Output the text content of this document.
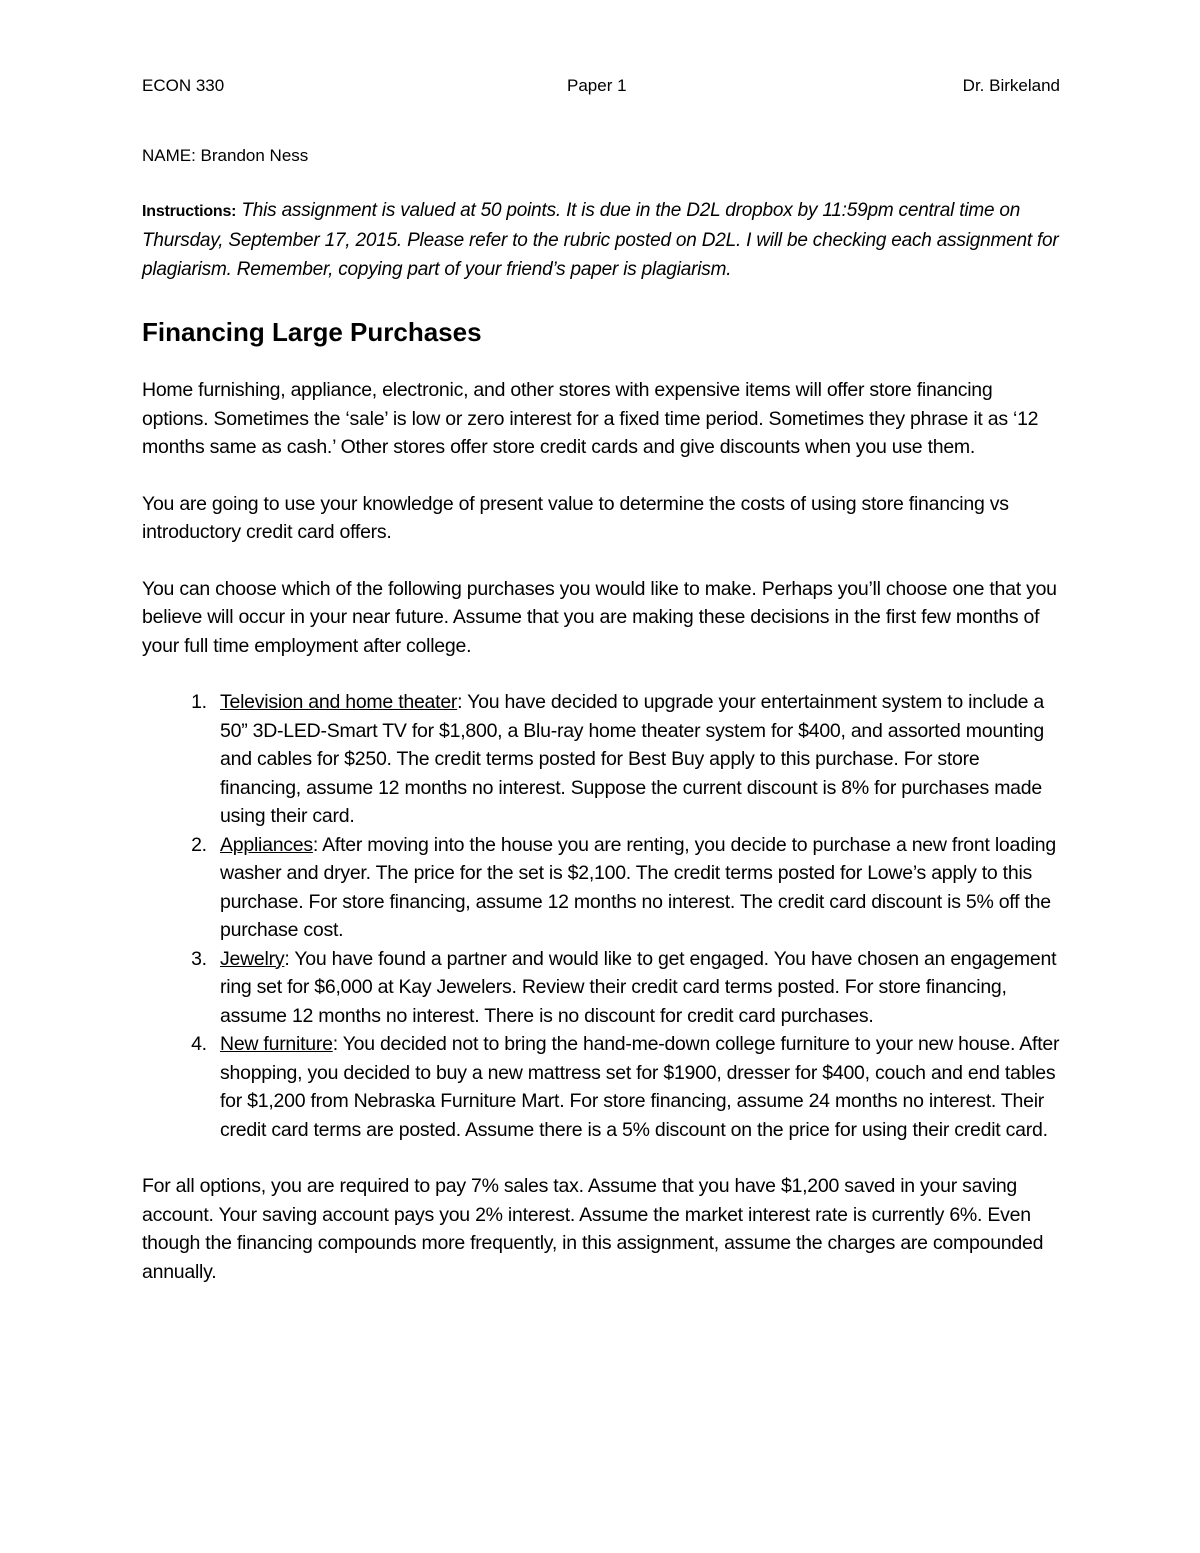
ECON 330	Paper 1	Dr. Birkeland
NAME: Brandon Ness
Instructions: This assignment is valued at 50 points. It is due in the D2L dropbox by 11:59pm central time on Thursday, September 17, 2015. Please refer to the rubric posted on D2L. I will be checking each assignment for plagiarism. Remember, copying part of your friend’s paper is plagiarism.
Financing Large Purchases

Home furnishing, appliance, electronic, and other stores with expensive items will offer store financing options. Sometimes the ‘sale’ is low or zero interest for a fixed time period. Sometimes they phrase it as ‘12 months same as cash.’ Other stores offer store credit cards and give discounts when you use them.

You are going to use your knowledge of present value to determine the costs of using store financing vs introductory credit card offers.

You can choose which of the following purchases you would like to make. Perhaps you’ll choose one that you believe will occur in your near future. Assume that you are making these decisions in the first few months of your full time employment after college.

1. Television and home theater: You have decided to upgrade your entertainment system to include a 50” 3D-LED-Smart TV for $1,800, a Blu-ray home theater system for $400, and assorted mounting and cables for $250. The credit terms posted for Best Buy apply to this purchase. For store financing, assume 12 months no interest. Suppose the current discount is 8% for purchases made using their card.
2. Appliances: After moving into the house you are renting, you decide to purchase a new front loading washer and dryer. The price for the set is $2,100. The credit terms posted for Lowe’s apply to this purchase. For store financing, assume 12 months no interest. The credit card discount is 5% off the purchase cost.
3. Jewelry: You have found a partner and would like to get engaged. You have chosen an engagement ring set for $6,000 at Kay Jewelers. Review their credit card terms posted. For store financing, assume 12 months no interest. There is no discount for credit card purchases.
4. New furniture: You decided not to bring the hand-me-down college furniture to your new house. After shopping, you decided to buy a new mattress set for $1900, dresser for $400, couch and end tables for $1,200 from Nebraska Furniture Mart. For store financing, assume 24 months no interest. Their credit card terms are posted. Assume there is a 5% discount on the price for using their credit card.

For all options, you are required to pay 7% sales tax. Assume that you have $1,200 saved in your saving account. Your saving account pays you 2% interest. Assume the market interest rate is currently 6%. Even though the financing compounds more frequently, in this assignment, assume the charges are compounded annually.
